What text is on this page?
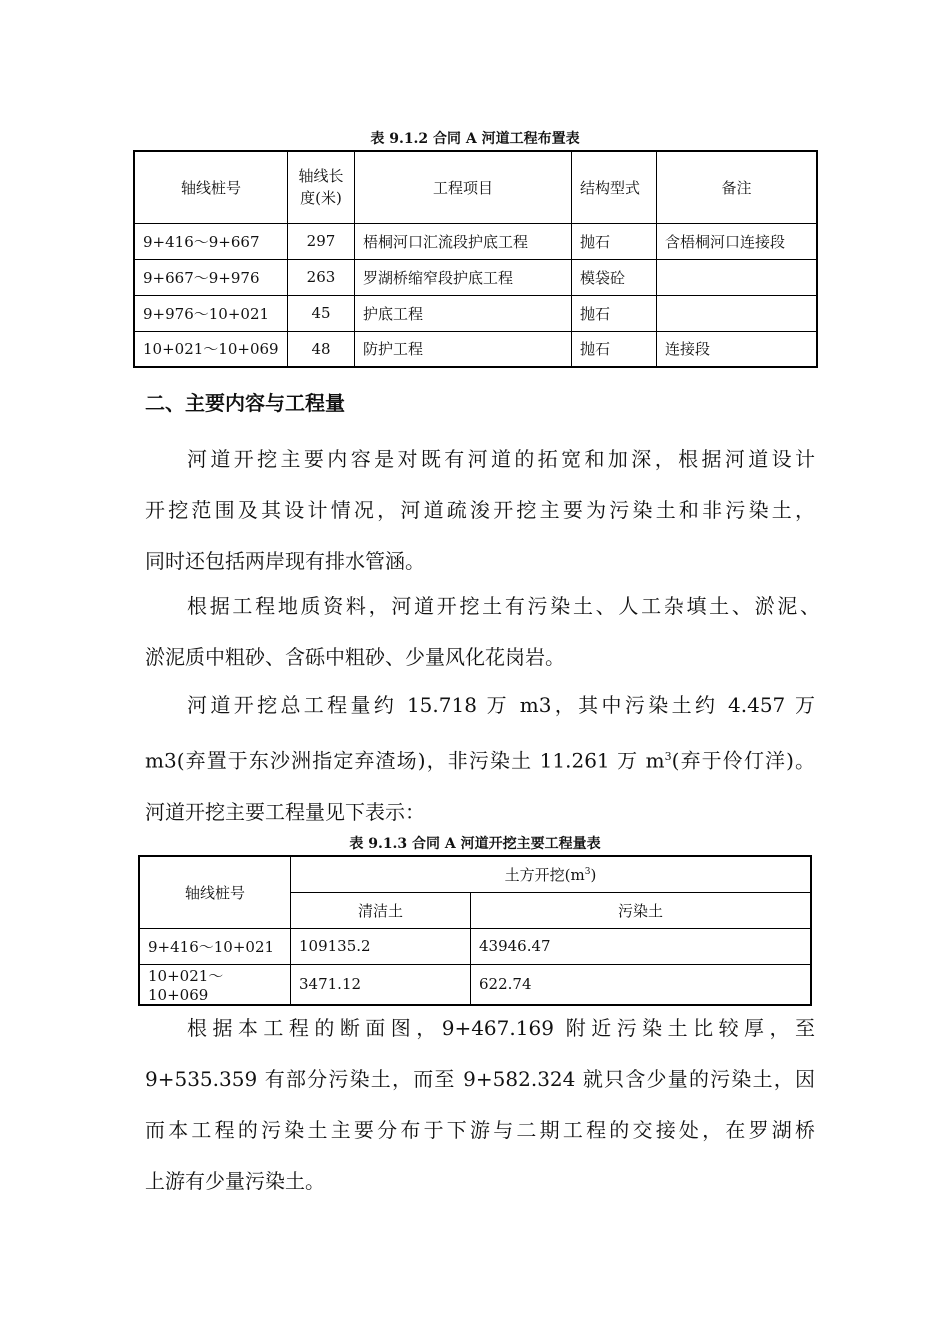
表 9.1.2 合同 A 河道工程布置表
轴线桩号	轴线长度(米)	工程项目	结构型式	备注
9+416～9+667	297	梧桐河口汇流段护底工程	抛石	含梧桐河口连接段
9+667～9+976	263	罗湖桥缩窄段护底工程	模袋砼	
9+976～10+021	45	护底工程	抛石	
10+021～10+069	48	防护工程	抛石	连接段
二、主要内容与工程量

河道开挖主要内容是对既有河道的拓宽和加深，根据河道设计

开挖范围及其设计情况，河道疏浚开挖主要为污染土和非污染土，

同时还包括两岸现有排水管涵。

根据工程地质资料，河道开挖土有污染土、人工杂填土、淤泥、

淤泥质中粗砂、含砾中粗砂、少量风化花岗岩。

河道开挖总工程量约 15.718 万 m3，其中污染土约 4.457 万

m3(弃置于东沙洲指定弃渣场)，非污染土 11.261 万 $m^3$(弃于伶仃洋)。

河道开挖主要工程量见下表示：

表 9.1.3 合同 A 河道开挖主要工程量表
轴线桩号	土方开挖$(m^3)$	
	清洁土	污染土
9+416～10+021	109135.2	43946.47
10+021～10+069	3471.12	622.74

根据本工程的断面图，9+467.169 附近污染土比较厚，至

9+535.359 有部分污染土，而至 9+582.324 就只含少量的污染土，因

而本工程的污染土主要分布于下游与二期工程的交接处，在罗湖桥

上游有少量污染土。
